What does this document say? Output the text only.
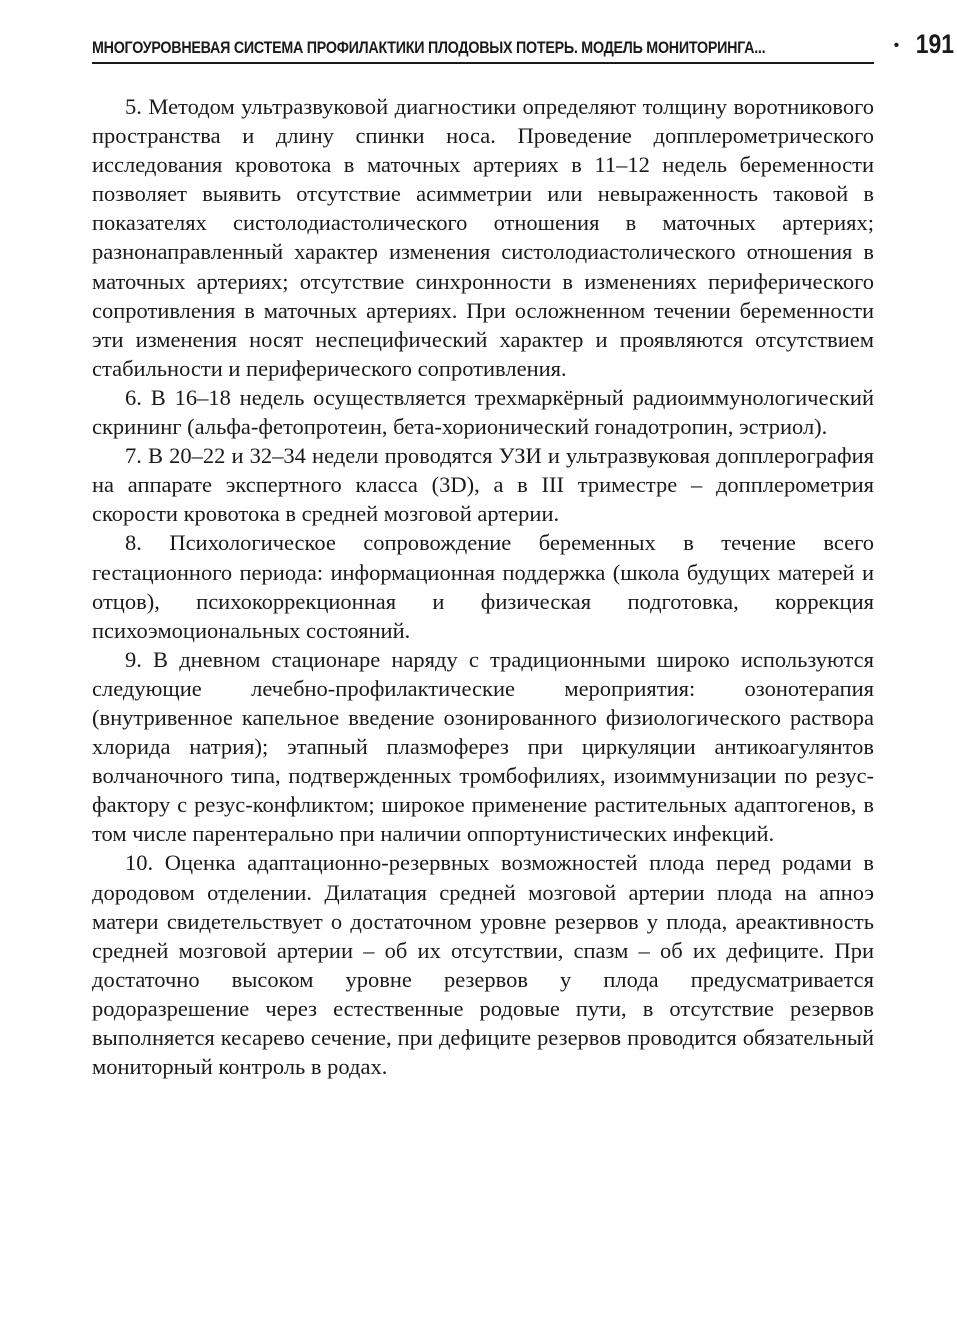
МНОГОУРОВНЕВАЯ СИСТЕМА ПРОФИЛАКТИКИ ПЛОДОВЫХ ПОТЕРЬ. МОДЕЛЬ МОНИТОРИНГА...	• 191

5. Методом ультразвуковой диагностики определяют толщину воротникового пространства и длину спинки носа. Проведение допплерометрического исследования кровотока в маточных артериях в 11–12 недель беременности позволяет выявить отсутствие асимметрии или невыраженность таковой в показателях систолодиастолического отношения в маточных артериях; разнонаправленный характер изменения систолодиастолического отношения в маточных артериях; отсутствие синхронности в изменениях периферического сопротивления в маточных артериях. При осложненном течении беременности эти изменения носят неспецифический характер и проявляются отсутствием стабильности и периферического сопротивления.

6. В 16–18 недель осуществляется трехмаркёрный радиоиммунологический скрининг (альфа-фетопротеин, бета-хорионический гонадотропин, эстриол).

7. В 20–22 и 32–34 недели проводятся УЗИ и ультразвуковая допплерография на аппарате экспертного класса (3D), а в III триместре – допплерометрия скорости кровотока в средней мозговой артерии.

8. Психологическое сопровождение беременных в течение всего гестационного периода: информационная поддержка (школа будущих матерей и отцов), психокоррекционная и физическая подготовка, коррекция психоэмоциональных состояний.

9. В дневном стационаре наряду с традиционными широко используются следующие лечебно-профилактические мероприятия: озонотерапия (внутривенное капельное введение озонированного физиологического раствора хлорида натрия); этапный плазмоферез при циркуляции антикоагулянтов волчаночного типа, подтвержденных тромбофилиях, изоиммунизации по резус-фактору с резус-конфликтом; широкое применение растительных адаптогенов, в том числе парентерально при наличии оппортунистических инфекций.

10. Оценка адаптационно-резервных возможностей плода перед родами в дородовом отделении. Дилатация средней мозговой артерии плода на апноэ матери свидетельствует о достаточном уровне резервов у плода, ареактивность средней мозговой артерии – об их отсутствии, спазм – об их дефиците. При достаточно высоком уровне резервов у плода предусматривается родоразрешение через естественные родовые пути, в отсутствие резервов выполняется кесарево сечение, при дефиците резервов проводится обязательный мониторный контроль в родах.
